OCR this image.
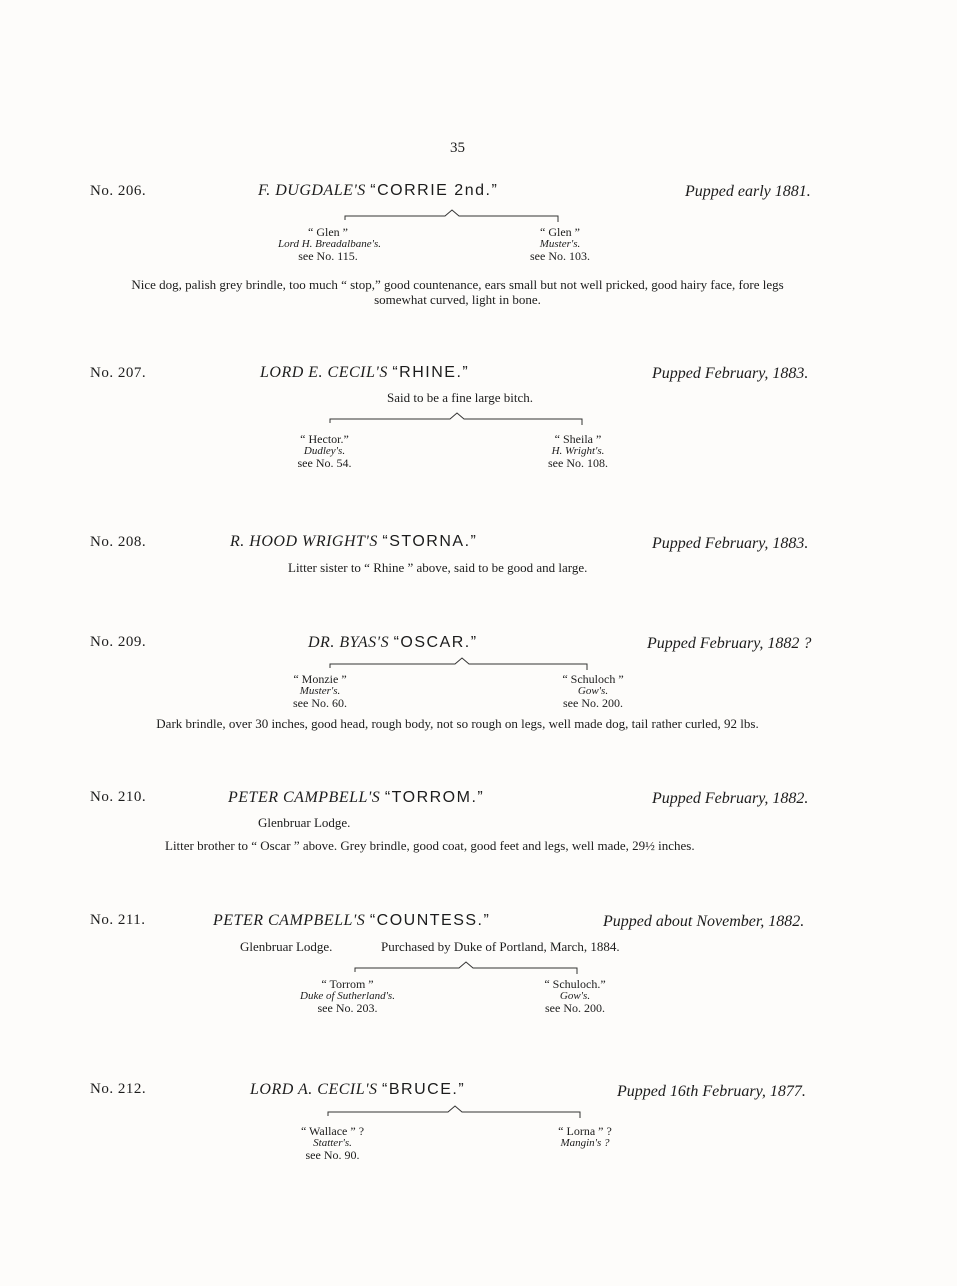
35
No. 206.	F. DUGDALE'S “CORRIE 2nd.”	Pupped early 1881.
“ Glen ”
Lord H. Breadalbane's.
see No. 115.
“ Glen ”
Muster's.
see No. 103.
Nice dog, palish grey brindle, too much “ stop,” good countenance, ears small but not well pricked, good hairy face, fore legs
somewhat curved, light in bone.
No. 207.	LORD E. CECIL'S “RHINE.”	Pupped February, 1883.
Said to be a fine large bitch.
“ Hector.”
Dudley's.
see No. 54.
“ Sheila ”
H. Wright's.
see No. 108.
No. 208.	R. HOOD WRIGHT'S “STORNA.”	Pupped February, 1883.
Litter sister to “ Rhine ” above, said to be good and large.
No. 209.	DR. BYAS'S “OSCAR.”	Pupped February, 1882 ?
“ Monzie ”
Muster's.
see No. 60.
“ Schuloch ”
Gow's.
see No. 200.
Dark brindle, over 30 inches, good head, rough body, not so rough on legs, well made dog, tail rather curled, 92 lbs.
No. 210.	PETER CAMPBELL'S “TORROM.”	Pupped February, 1882.
Glenbruar Lodge.
Litter brother to “ Oscar ” above. Grey brindle, good coat, good feet and legs, well made, 29½ inches.
No. 211.	PETER CAMPBELL'S “COUNTESS.”	Pupped about November, 1882.
Glenbruar Lodge.	Purchased by Duke of Portland, March, 1884.
“ Torrom ”
Duke of Sutherland's.
see No. 203.
“ Schuloch.”
Gow's.
see No. 200.
No. 212.	LORD A. CECIL'S “BRUCE.”	Pupped 16th February, 1877.
“ Wallace ” ?
Statter's.
see No. 90.
“ Lorna ” ?
Mangin's ?
